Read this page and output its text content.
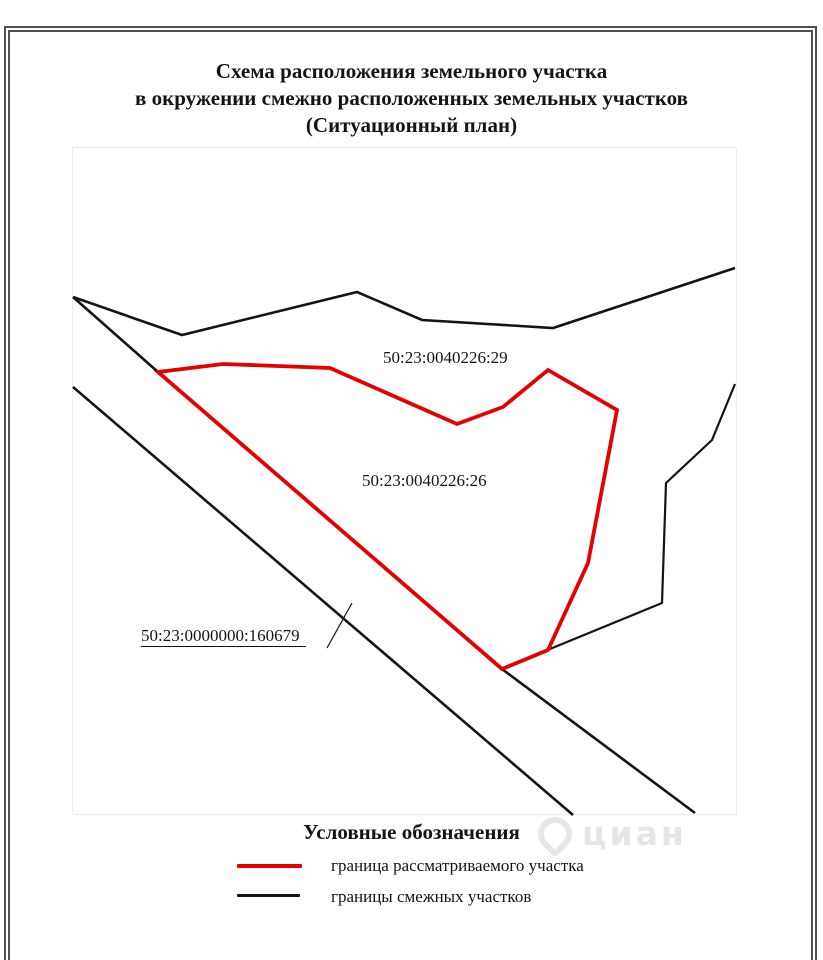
Схема расположения земельного участка
в окружении смежно расположенных земельных участков
(Ситуационный план)
50:23:0040226:29
50:23:0040226:26
50:23:0000000:160679
Условные обозначения
граница рассматриваемого участка
границы смежных участков
циан
